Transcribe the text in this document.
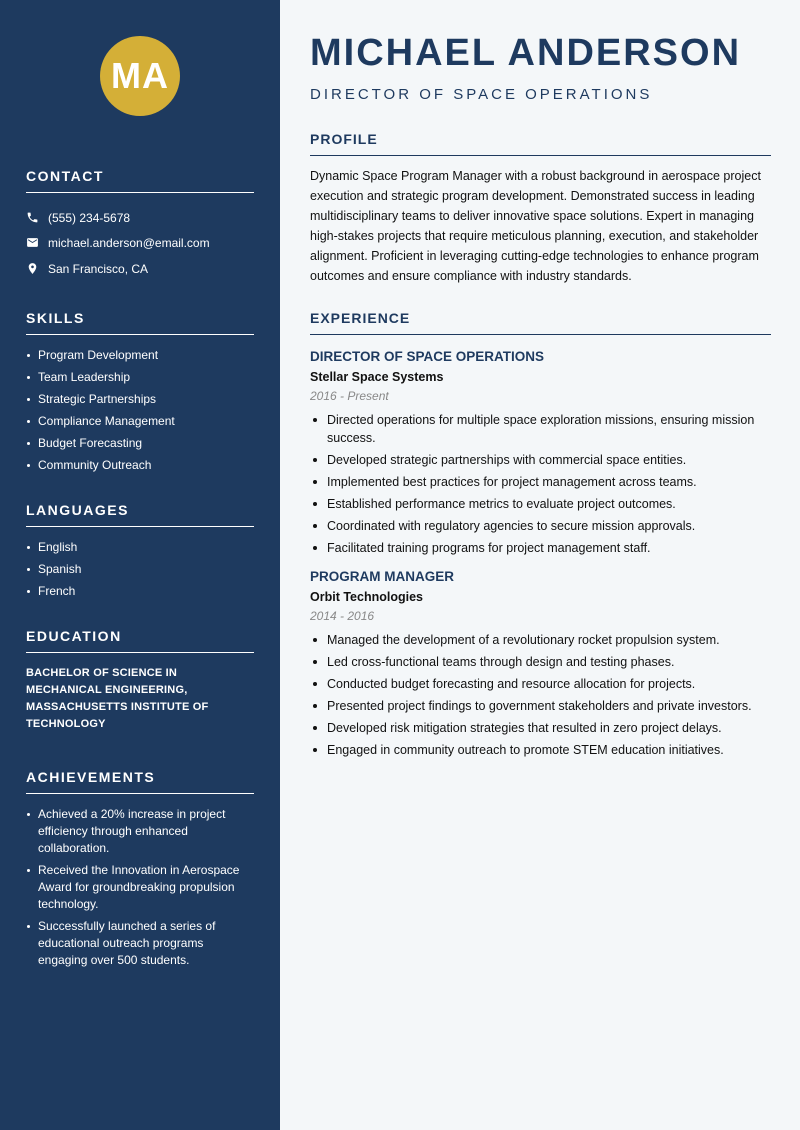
MA
CONTACT
(555) 234-5678
michael.anderson@email.com
San Francisco, CA
SKILLS
Program Development
Team Leadership
Strategic Partnerships
Compliance Management
Budget Forecasting
Community Outreach
LANGUAGES
English
Spanish
French
EDUCATION
BACHELOR OF SCIENCE IN MECHANICAL ENGINEERING, MASSACHUSETTS INSTITUTE OF TECHNOLOGY
ACHIEVEMENTS
Achieved a 20% increase in project efficiency through enhanced collaboration.
Received the Innovation in Aerospace Award for groundbreaking propulsion technology.
Successfully launched a series of educational outreach programs engaging over 500 students.
MICHAEL ANDERSON
DIRECTOR OF SPACE OPERATIONS
PROFILE

Dynamic Space Program Manager with a robust background in aerospace project execution and strategic program development. Demonstrated success in leading multidisciplinary teams to deliver innovative space solutions. Expert in managing high-stakes projects that require meticulous planning, execution, and stakeholder alignment. Proficient in leveraging cutting-edge technologies to enhance program outcomes and ensure compliance with industry standards.

EXPERIENCE
DIRECTOR OF SPACE OPERATIONS
Stellar Space Systems
2016 - Present
Directed operations for multiple space exploration missions, ensuring mission success.
Developed strategic partnerships with commercial space entities.
Implemented best practices for project management across teams.
Established performance metrics to evaluate project outcomes.
Coordinated with regulatory agencies to secure mission approvals.
Facilitated training programs for project management staff.
PROGRAM MANAGER
Orbit Technologies
2014 - 2016
Managed the development of a revolutionary rocket propulsion system.
Led cross-functional teams through design and testing phases.
Conducted budget forecasting and resource allocation for projects.
Presented project findings to government stakeholders and private investors.
Developed risk mitigation strategies that resulted in zero project delays.
Engaged in community outreach to promote STEM education initiatives.
